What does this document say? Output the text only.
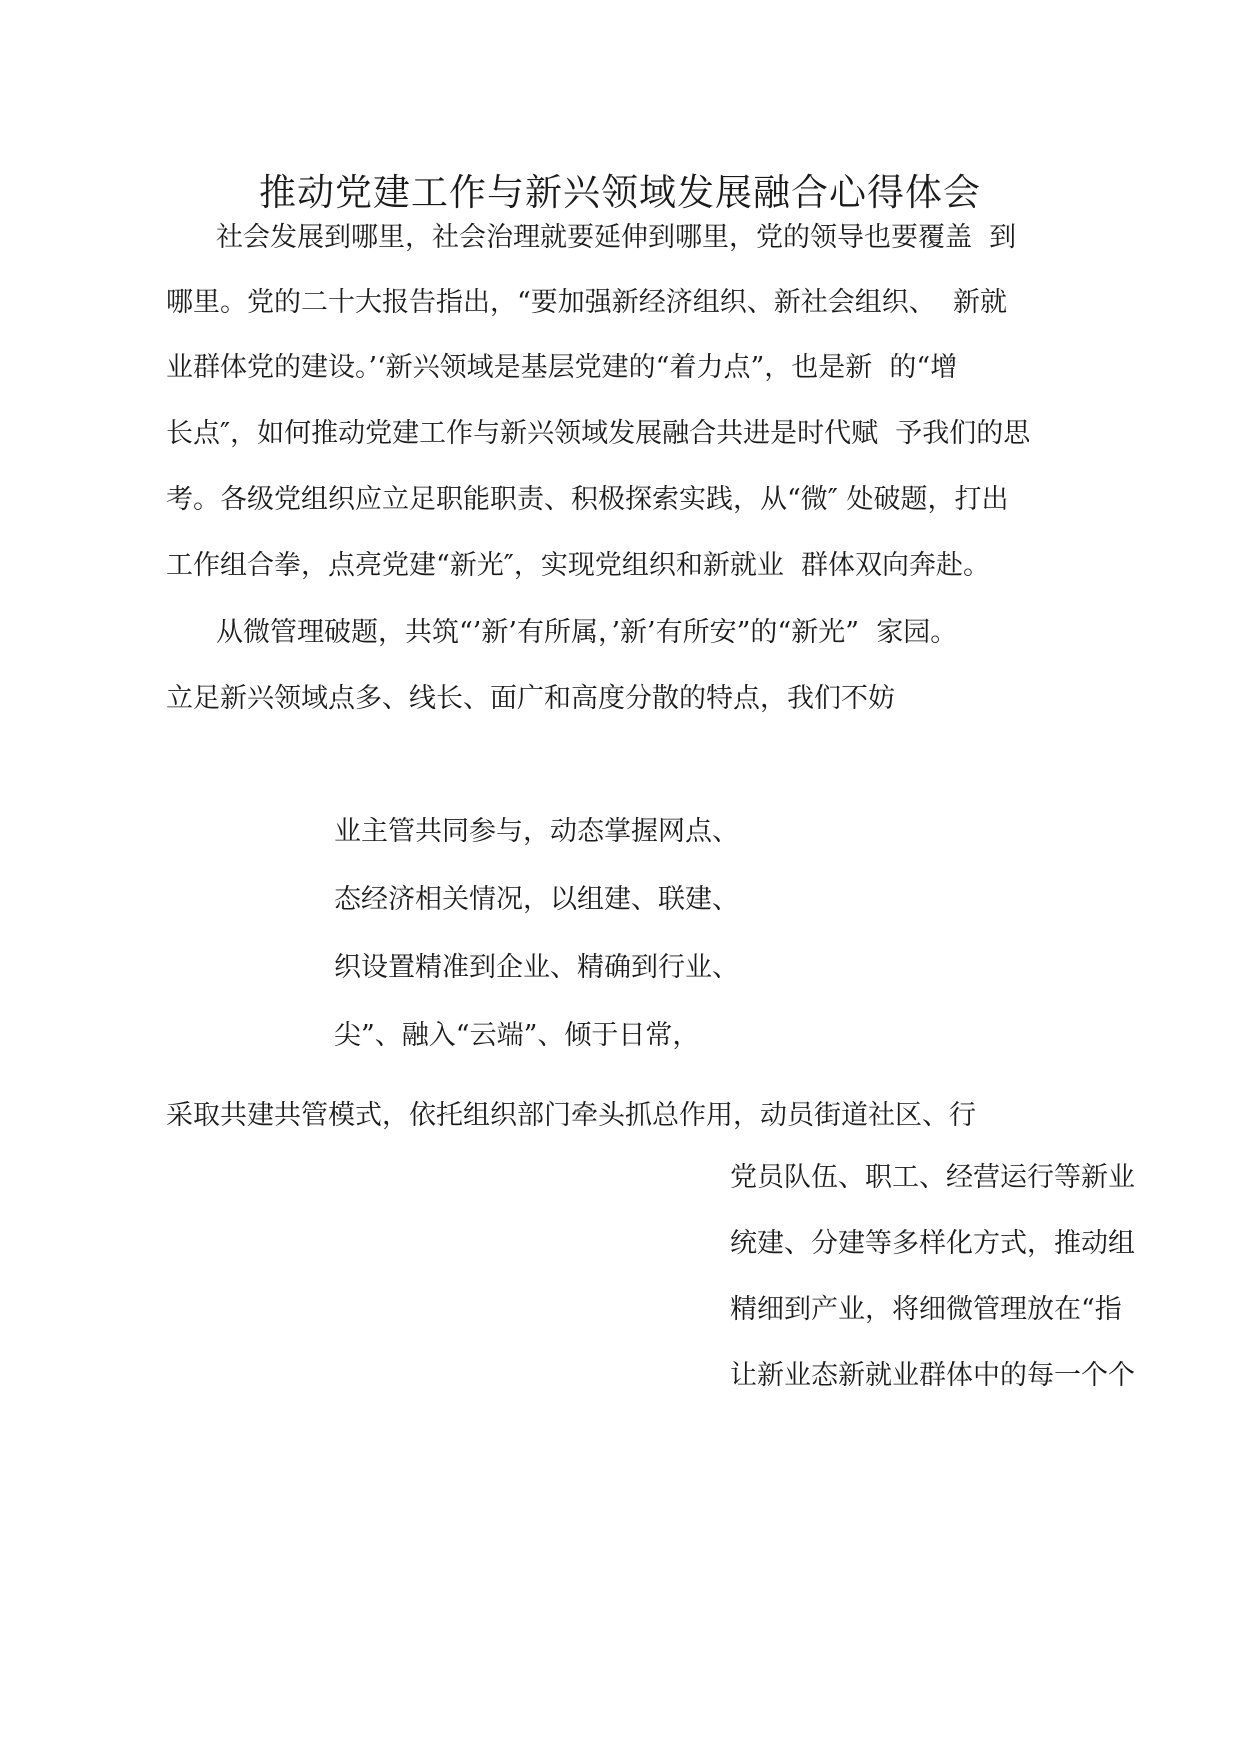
推动党建工作与新兴领域发展融合心得体会
社会发展到哪里，社会治理就要延伸到哪里，党的领导也要覆盖  到
哪里。党的二十大报告指出，“要加强新经济组织、新社会组织、  新就
业群体党的建设。’‘新兴领域是基层党建的“着力点”，也是新  的“增
长点″，如何推动党建工作与新兴领域发展融合共进是时代赋  予我们的思
考。各级党组织应立足职能职责、积极探索实践，从“微″ 处破题，打出
工作组合拳，点亮党建“新光″，实现党组织和新就业  群体双向奔赴。
从微管理破题，共筑“’新’有所属，’新’有所安”的“新光”  家园。
立足新兴领域点多、线长、面广和高度分散的特点，我们不妨
业主管共同参与，动态掌握网点、
态经济相关情况，以组建、联建、
织设置精准到企业、精确到行业、
尖”、融入“云端”、倾于日常，
采取共建共管模式，依托组织部门牵头抓总作用，动员街道社区、行
党员队伍、职工、经营运行等新业
统建、分建等多样化方式，推动组
精细到产业，将细微管理放在“指
让新业态新就业群体中的每一个个
